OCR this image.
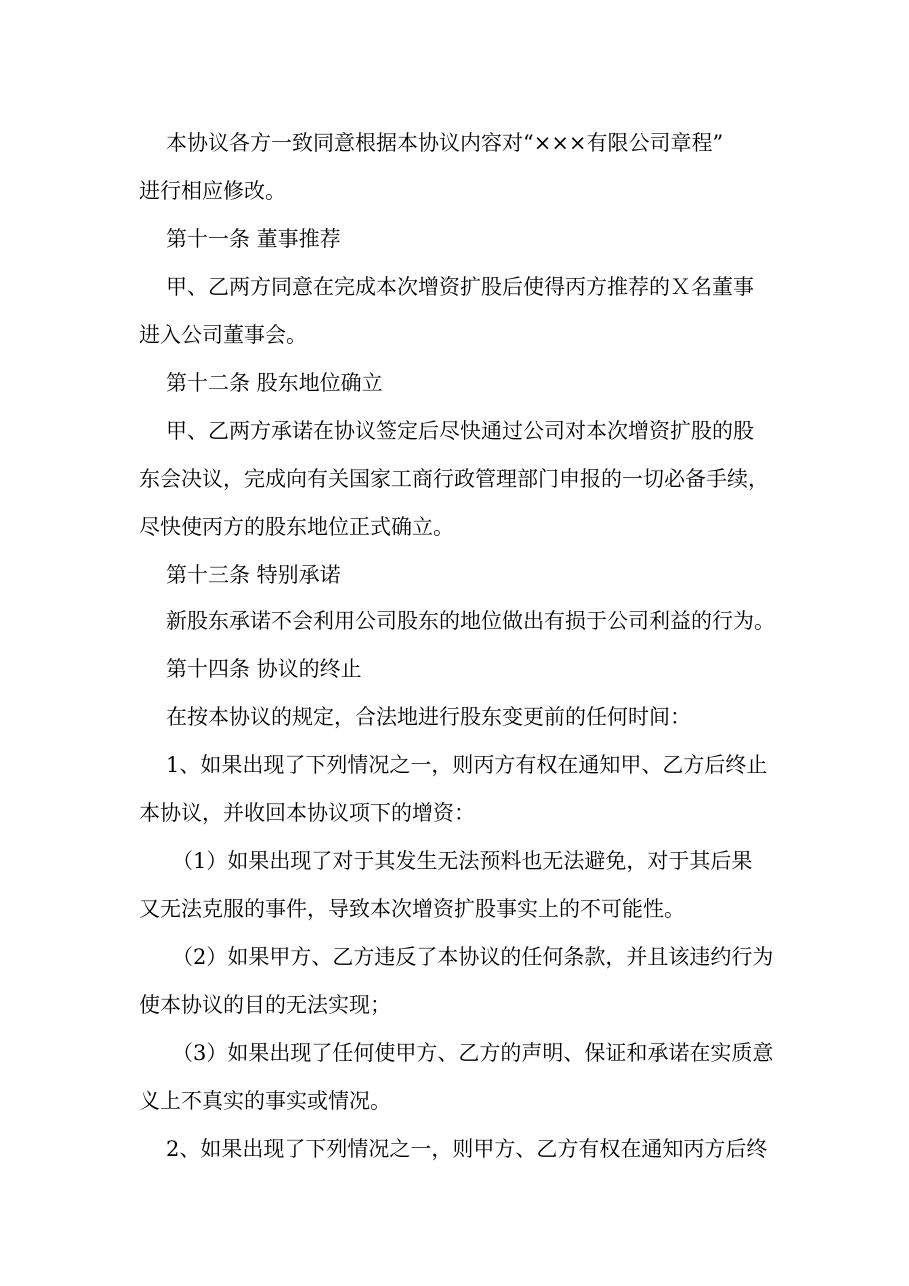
本协议各方一致同意根据本协议内容对“×××有限公司章程”
进行相应修改。
第十一条 董事推荐
甲、乙两方同意在完成本次增资扩股后使得丙方推荐的Ｘ名董事
进入公司董事会。
第十二条 股东地位确立
甲、乙两方承诺在协议签定后尽快通过公司对本次增资扩股的股
东会决议，完成向有关国家工商行政管理部门申报的一切必备手续，
尽快使丙方的股东地位正式确立。
第十三条 特别承诺
新股东承诺不会利用公司股东的地位做出有损于公司利益的行为。
第十四条 协议的终止
在按本协议的规定，合法地进行股东变更前的任何时间：
1、如果出现了下列情况之一，则丙方有权在通知甲、乙方后终止
本协议，并收回本协议项下的增资：
（1）如果出现了对于其发生无法预料也无法避免，对于其后果
又无法克服的事件，导致本次增资扩股事实上的不可能性。
（2）如果甲方、乙方违反了本协议的任何条款，并且该违约行为
使本协议的目的无法实现；
（3）如果出现了任何使甲方、乙方的声明、保证和承诺在实质意
义上不真实的事实或情况。
2、如果出现了下列情况之一，则甲方、乙方有权在通知丙方后终
